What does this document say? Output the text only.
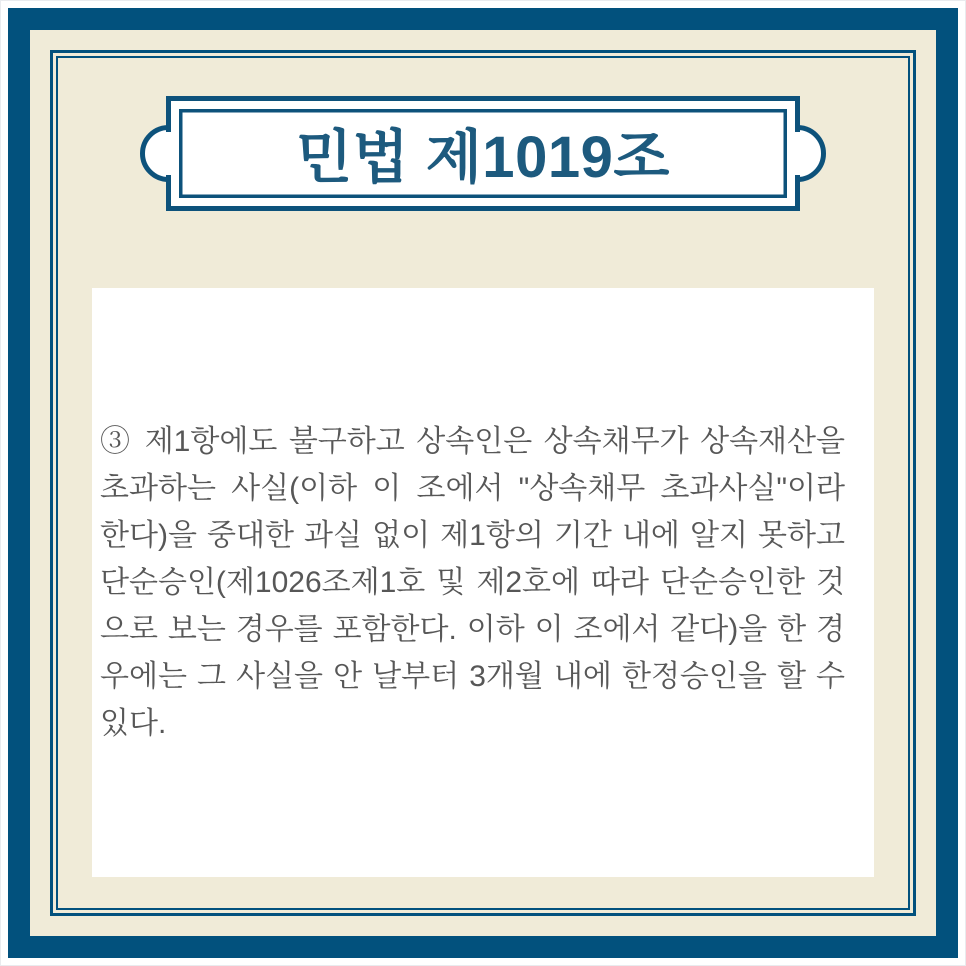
민법 제1019조

③ 제1항에도 불구하고 상속인은 상속채무가 상속재산을 초과하는 사실(이하 이 조에서 "상속채무 초과사실"이라 한다)을 중대한 과실 없이 제1항의 기간 내에 알지 못하고 단순승인(제1026조제1호 및 제2호에 따라 단순승인한 것으로 보는 경우를 포함한다. 이하 이 조에서 같다)을 한 경우에는 그 사실을 안 날부터 3개월 내에 한정승인을 할 수 있다.
